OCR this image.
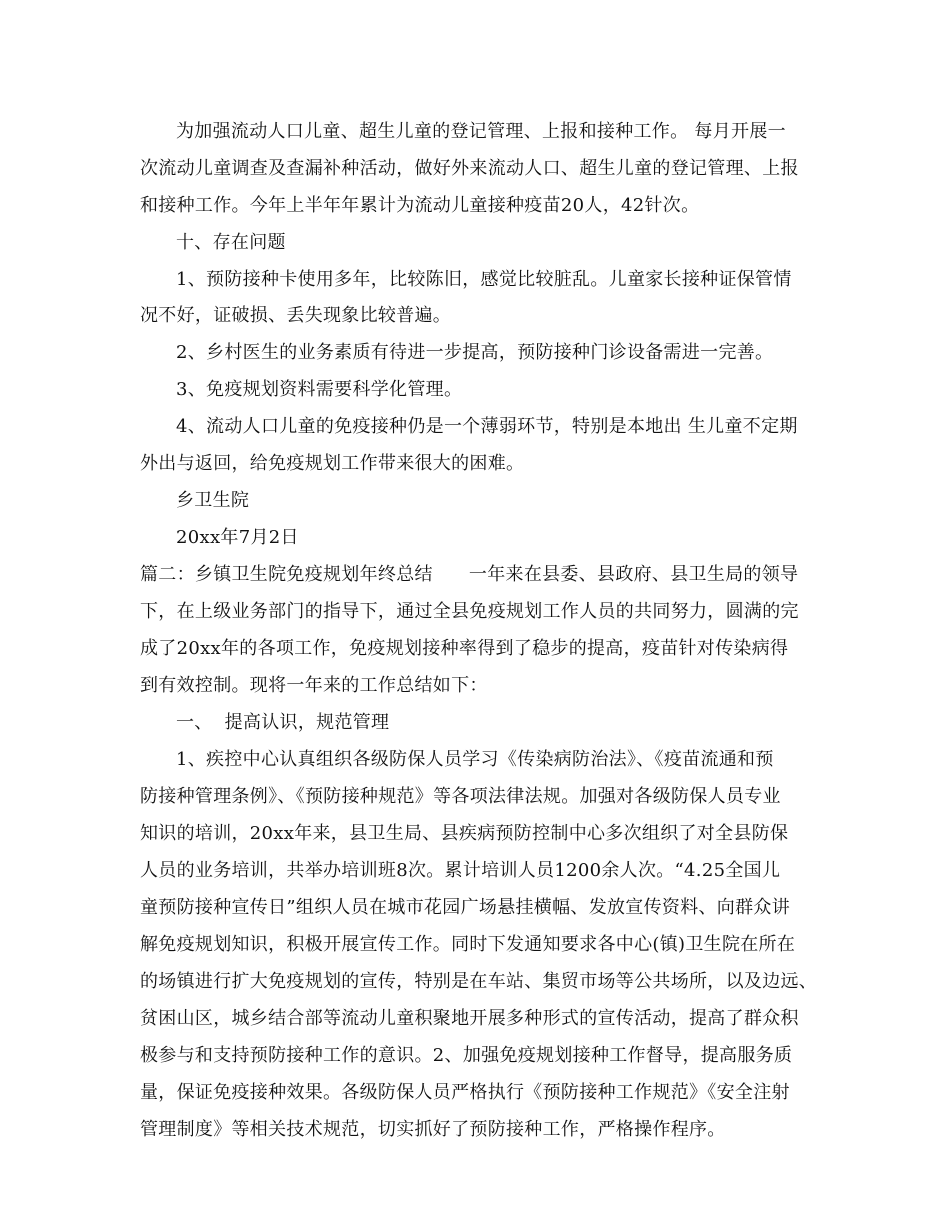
为加强流动人口儿童、超生儿童的登记管理、上报和接种工作。 每月开展一
次流动儿童调查及查漏补种活动，做好外来流动人口、超生儿童的登记管理、上报
和接种工作。今年上半年年累计为流动儿童接种疫苗20人，42针次。
十、存在问题
1、预防接种卡使用多年，比较陈旧，感觉比较脏乱。儿童家长接种证保管情
况不好，证破损、丢失现象比较普遍。
2、乡村医生的业务素质有待进一步提高，预防接种门诊设备需进一完善。
3、免疫规划资料需要科学化管理。
4、流动人口儿童的免疫接种仍是一个薄弱环节，特别是本地出 生儿童不定期
外出与返回，给免疫规划工作带来很大的困难。
乡卫生院
20xx年7月2日
篇二：乡镇卫生院免疫规划年终总结      一年来在县委、县政府、县卫生局的领导
下，在上级业务部门的指导下，通过全县免疫规划工作人员的共同努力，圆满的完
成了20xx年的各项工作，免疫规划接种率得到了稳步的提高，疫苗针对传染病得
到有效控制。现将一年来的工作总结如下：
一、  提高认识，规范管理
1、疾控中心认真组织各级防保人员学习《传染病防治法》、《疫苗流通和预
防接种管理条例》、《预防接种规范》等各项法律法规。加强对各级防保人员专业
知识的培训，20xx年来，县卫生局、县疾病预防控制中心多次组织了对全县防保
人员的业务培训，共举办培训班8次。累计培训人员1200余人次。“4.25全国儿
童预防接种宣传日”组织人员在城市花园广场悬挂横幅、发放宣传资料、向群众讲
解免疫规划知识，积极开展宣传工作。同时下发通知要求各中心(镇)卫生院在所在
的场镇进行扩大免疫规划的宣传，特别是在车站、集贸市场等公共场所，以及边远、
贫困山区，城乡结合部等流动儿童积聚地开展多种形式的宣传活动，提高了群众积
极参与和支持预防接种工作的意识。2、加强免疫规划接种工作督导，提高服务质
量，保证免疫接种效果。各级防保人员严格执行《预防接种工作规范》《安全注射
管理制度》等相关技术规范，切实抓好了预防接种工作，严格操作程序。
